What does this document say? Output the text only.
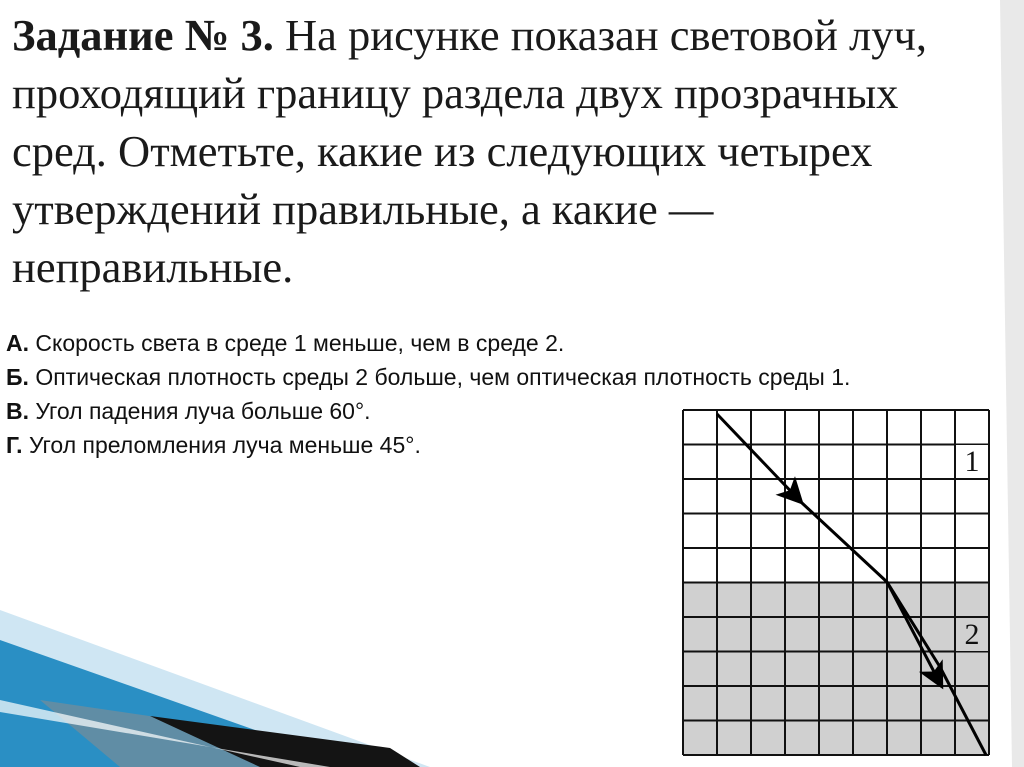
Задание № 3. На рисунке показан световой луч, проходящий границу раздела двух прозрачных сред. Отметьте, какие из следующих четырех утверждений правильные, а какие — неправильные.

А. Скорость света в среде 1 меньше, чем в среде 2.

Б. Оптическая плотность среды 2 больше, чем оптическая плотность среды 1.

В. Угол падения луча больше 60°.

Г. Угол преломления луча меньше 45°.	1
2
